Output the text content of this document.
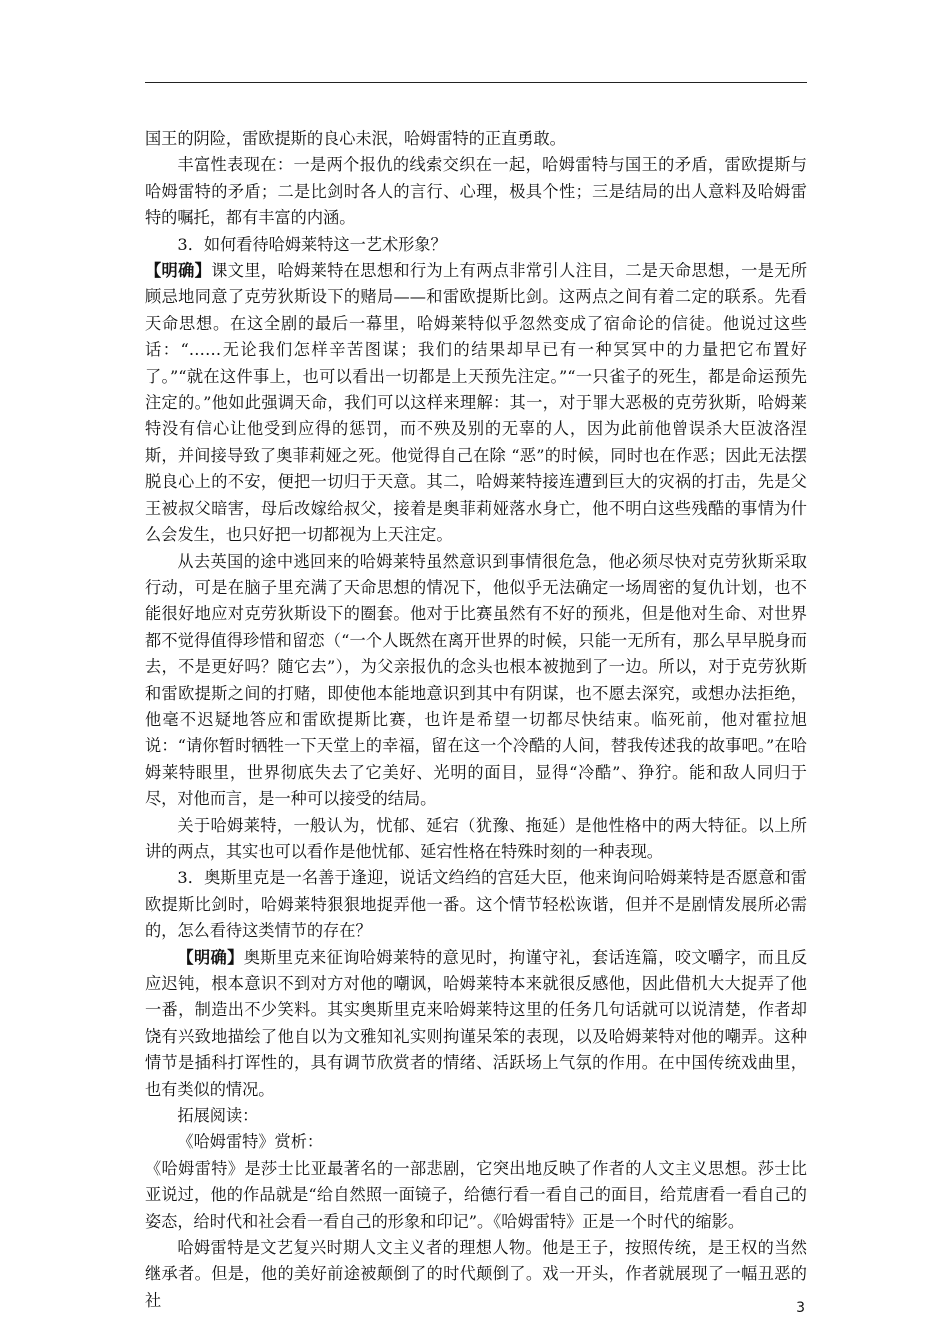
国王的阴险，雷欧提斯的良心未泯，哈姆雷特的正直勇敢。

丰富性表现在：一是两个报仇的线索交织在一起，哈姆雷特与国王的矛盾，雷欧提斯与哈姆雷特的矛盾；二是比剑时各人的言行、心理，极具个性；三是结局的出人意料及哈姆雷特的嘱托，都有丰富的内涵。

3．如何看待哈姆莱特这一艺术形象？

【明确】课文里，哈姆莱特在思想和行为上有两点非常引人注目，二是天命思想，一是无所顾忌地同意了克劳狄斯设下的赌局——和雷欧提斯比剑。这两点之间有着二定的联系。先看天命思想。在这全剧的最后一幕里，哈姆莱特似乎忽然变成了宿命论的信徒。他说过这些话：“……无论我们怎样辛苦图谋；我们的结果却早已有一种冥冥中的力量把它布置好了。”“就在这件事上，也可以看出一切都是上天预先注定。”“一只雀子的死生，都是命运预先注定的。”他如此强调天命，我们可以这样来理解：其一，对于罪大恶极的克劳狄斯，哈姆莱特没有信心让他受到应得的惩罚，而不殃及别的无辜的人，因为此前他曾误杀大臣波洛涅斯，并间接导致了奥菲莉娅之死。他觉得自己在除 “恶”的时候，同时也在作恶；因此无法摆脱良心上的不安，便把一切归于天意。其二，哈姆莱特接连遭到巨大的灾祸的打击，先是父王被叔父暗害，母后改嫁给叔父，接着是奥菲莉娅落水身亡，他不明白这些残酷的事情为什么会发生，也只好把一切都视为上天注定。

从去英国的途中逃回来的哈姆莱特虽然意识到事情很危急，他必须尽快对克劳狄斯采取行动，可是在脑子里充满了天命思想的情况下，他似乎无法确定一场周密的复仇计划，也不能很好地应对克劳狄斯设下的圈套。他对于比赛虽然有不好的预兆，但是他对生命、对世界都不觉得值得珍惜和留恋（“一个人既然在离开世界的时候，只能一无所有，那么早早脱身而去，不是更好吗？随它去”），为父亲报仇的念头也根本被抛到了一边。所以，对于克劳狄斯和雷欧提斯之间的打赌，即使他本能地意识到其中有阴谋，也不愿去深究，或想办法拒绝，他毫不迟疑地答应和雷欧提斯比赛，也许是希望一切都尽快结束。临死前，他对霍拉旭说：“请你暂时牺牲一下天堂上的幸福，留在这一个冷酷的人间，替我传述我的故事吧。”在哈姆莱特眼里，世界彻底失去了它美好、光明的面目，显得“冷酷”、狰狞。能和敌人同归于尽，对他而言，是一种可以接受的结局。

关于哈姆莱特，一般认为，忧郁、延宕（犹豫、拖延）是他性格中的两大特征。以上所讲的两点，其实也可以看作是他忧郁、延宕性格在特殊时刻的一种表现。

3．奥斯里克是一名善于逢迎，说话文绉绉的宫廷大臣，他来询问哈姆莱特是否愿意和雷欧提斯比剑时，哈姆莱特狠狠地捉弄他一番。这个情节轻松诙谐，但并不是剧情发展所必需的，怎么看待这类情节的存在？

【明确】奥斯里克来征询哈姆莱特的意见时，拘谨守礼，套话连篇，咬文嚼字，而且反应迟钝，根本意识不到对方对他的嘲讽，哈姆莱特本来就很反感他，因此借机大大捉弄了他一番，制造出不少笑料。其实奥斯里克来哈姆莱特这里的任务几句话就可以说清楚，作者却饶有兴致地描绘了他自以为文雅知礼实则拘谨呆笨的表现，以及哈姆莱特对他的嘲弄。这种情节是插科打诨性的，具有调节欣赏者的情绪、活跃场上气氛的作用。在中国传统戏曲里，也有类似的情况。

拓展阅读：

《哈姆雷特》赏析：

《哈姆雷特》是莎士比亚最著名的一部悲剧，它突出地反映了作者的人文主义思想。莎士比亚说过，他的作品就是“给自然照一面镜子，给德行看一看自己的面目，给荒唐看一看自己的姿态，给时代和社会看一看自己的形象和印记”。《哈姆雷特》正是一个时代的缩影。

哈姆雷特是文艺复兴时期人文主义者的理想人物。他是王子，按照传统，是王权的当然继承者。但是，他的美好前途被颠倒了的时代颠倒了。戏一开头，作者就展现了一幅丑恶的社	3
